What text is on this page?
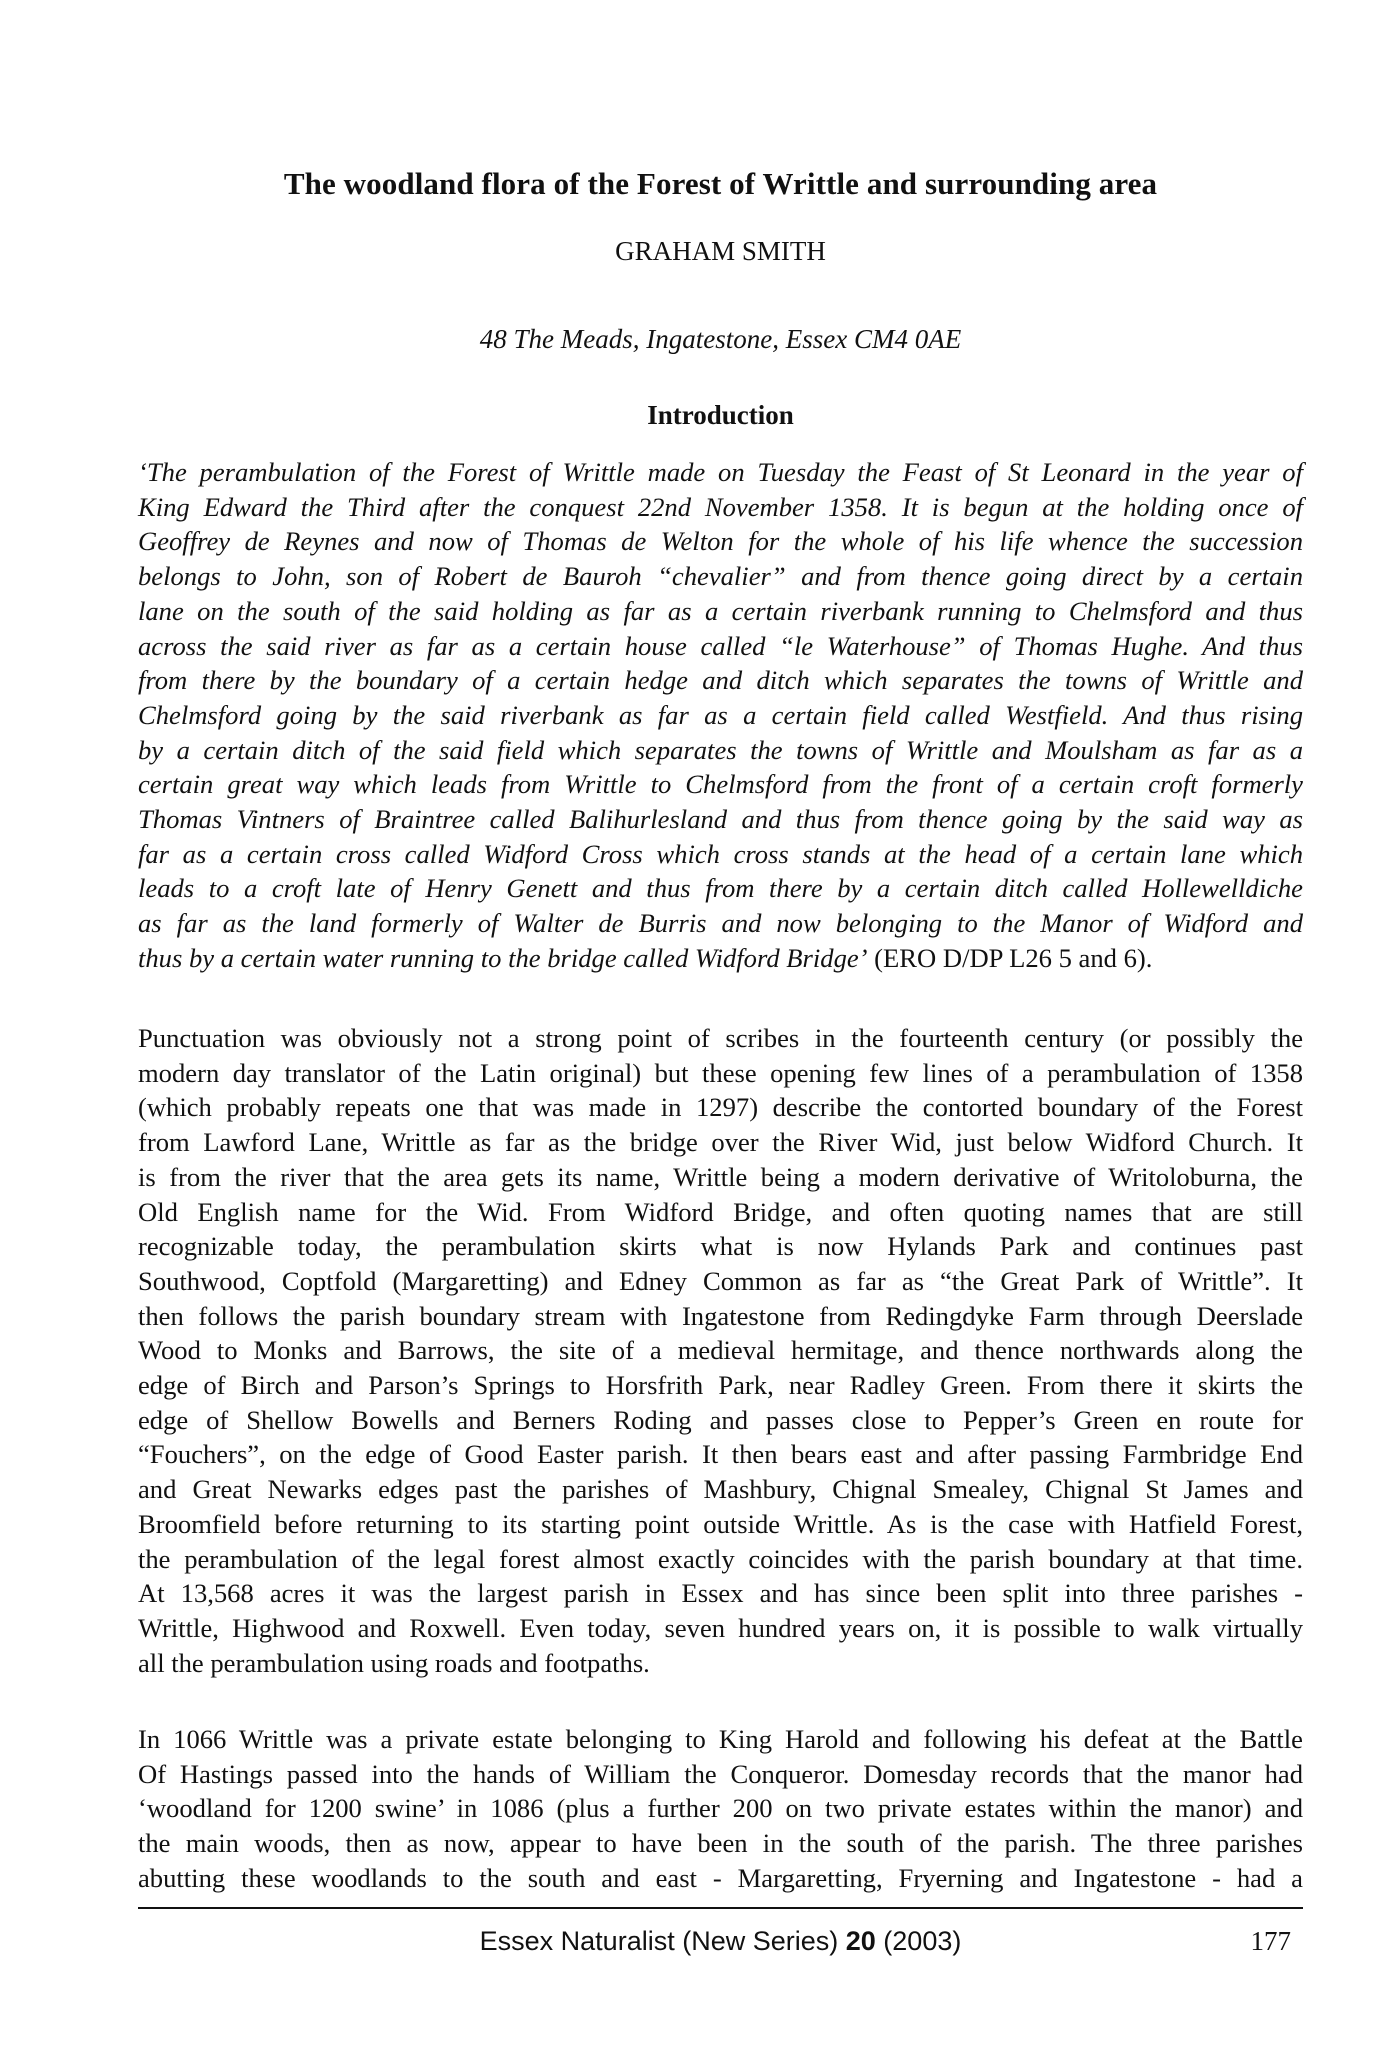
The woodland flora of the Forest of Writtle and surrounding area
GRAHAM SMITH
48 The Meads, Ingatestone, Essex CM4 0AE
Introduction
‘The perambulation of the Forest of Writtle made on Tuesday the Feast of St Leonard in the year of
King Edward the Third after the conquest 22nd November 1358. It is begun at the holding once of
Geoffrey de Reynes and now of Thomas de Welton for the whole of his life whence the succession
belongs to John, son of Robert de Bauroh “chevalier” and from thence going direct by a certain
lane on the south of the said holding as far as a certain riverbank running to Chelmsford and thus
across the said river as far as a certain house called “le Waterhouse” of Thomas Hughe. And thus
from there by the boundary of a certain hedge and ditch which separates the towns of Writtle and
Chelmsford going by the said riverbank as far as a certain field called Westfield. And thus rising
by a certain ditch of the said field which separates the towns of Writtle and Moulsham as far as a
certain great way which leads from Writtle to Chelmsford from the front of a certain croft formerly
Thomas Vintners of Braintree called Balihurlesland and thus from thence going by the said way as
far as a certain cross called Widford Cross which cross stands at the head of a certain lane which
leads to a croft late of Henry Genett and thus from there by a certain ditch called Hollewelldiche
as far as the land formerly of Walter de Burris and now belonging to the Manor of Widford and
thus by a certain water running to the bridge called Widford Bridge’ (ERO D/DP L26 5 and 6).
Punctuation was obviously not a strong point of scribes in the fourteenth century (or possibly the
modern day translator of the Latin original) but these opening few lines of a perambulation of 1358
(which probably repeats one that was made in 1297) describe the contorted boundary of the Forest
from Lawford Lane, Writtle as far as the bridge over the River Wid, just below Widford Church. It
is from the river that the area gets its name, Writtle being a modern derivative of Writoloburna, the
Old English name for the Wid. From Widford Bridge, and often quoting names that are still
recognizable today, the perambulation skirts what is now Hylands Park and continues past
Southwood, Coptfold (Margaretting) and Edney Common as far as “the Great Park of Writtle”. It
then follows the parish boundary stream with Ingatestone from Redingdyke Farm through Deerslade
Wood to Monks and Barrows, the site of a medieval hermitage, and thence northwards along the
edge of Birch and Parson’s Springs to Horsfrith Park, near Radley Green. From there it skirts the
edge of Shellow Bowells and Berners Roding and passes close to Pepper’s Green en route for
“Fouchers”, on the edge of Good Easter parish. It then bears east and after passing Farmbridge End
and Great Newarks edges past the parishes of Mashbury, Chignal Smealey, Chignal St James and
Broomfield before returning to its starting point outside Writtle. As is the case with Hatfield Forest,
the perambulation of the legal forest almost exactly coincides with the parish boundary at that time.
At 13,568 acres it was the largest parish in Essex and has since been split into three parishes -
Writtle, Highwood and Roxwell. Even today, seven hundred years on, it is possible to walk virtually
all the perambulation using roads and footpaths.
In 1066 Writtle was a private estate belonging to King Harold and following his defeat at the Battle
Of Hastings passed into the hands of William the Conqueror. Domesday records that the manor had
‘woodland for 1200 swine’ in 1086 (plus a further 200 on two private estates within the manor) and
the main woods, then as now, appear to have been in the south of the parish. The three parishes
abutting these woodlands to the south and east - Margaretting, Fryerning and Ingatestone - had a
Essex Naturalist (New Series) 20 (2003)	177
